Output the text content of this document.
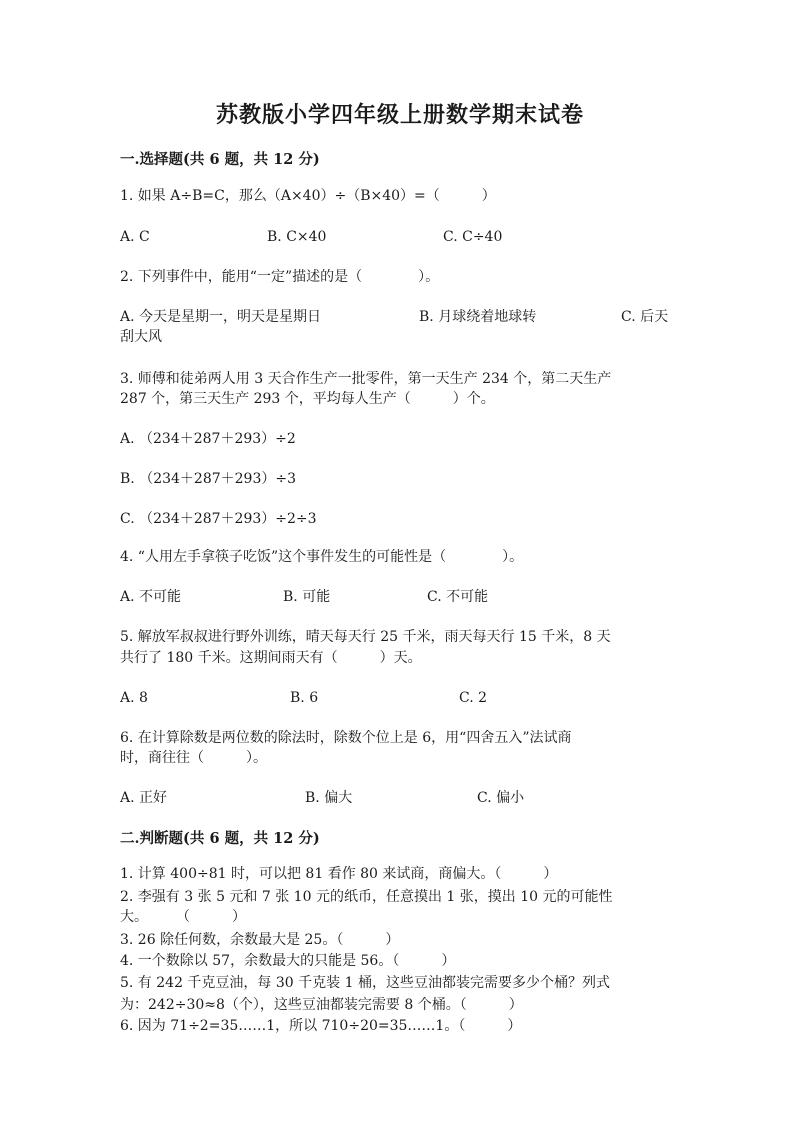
苏教版小学四年级上册数学期末试卷
一.选择题(共 6 题，共 12 分)
1. 如果 A÷B=C，那么（A×40）÷（B×40）=（　　　）
A. C	B. C×40	C. C÷40
2. 下列事件中，能用“一定”描述的是（　　　　）。
A. 今天是星期一，明天是星期日	B. 月球绕着地球转	C. 后天
刮大风
3. 师傅和徒弟两人用 3 天合作生产一批零件，第一天生产 234 个，第二天生产
287 个，第三天生产 293 个，平均每人生产（　　　）个。
A. （234＋287＋293）÷2
B. （234＋287＋293）÷3
C. （234＋287＋293）÷2÷3
4. “人用左手拿筷子吃饭”这个事件发生的可能性是（　　　　）。
A. 不可能	B. 可能	C. 不可能
5. 解放军叔叔进行野外训练，晴天每天行 25 千米，雨天每天行 15 千米，8 天
共行了 180 千米。这期间雨天有（　　　）天。
A. 8	B. 6	C. 2
6. 在计算除数是两位数的除法时，除数个位上是 6，用“四舍五入”法试商
时，商往往（　　　）。
A. 正好	B. 偏大	C. 偏小
二.判断题(共 6 题，共 12 分)
1. 计算 400÷81 时，可以把 81 看作 80 来试商，商偏大。（　　　）
2. 李强有 3 张 5 元和 7 张 10 元的纸币，任意摸出 1 张，摸出 10 元的可能性
大。　　　（　　　）
3. 26 除任何数，余数最大是 25。（　　　）
4. 一个数除以 57，余数最大的只能是 56。（　　　）
5. 有 242 千克豆油，每 30 千克装 1 桶，这些豆油都装完需要多少个桶？列式
为：242÷30≈8（个），这些豆油都装完需要 8 个桶。（　　　）
6. 因为 71÷2=35……1，所以 710÷20=35……1。（　　　）
